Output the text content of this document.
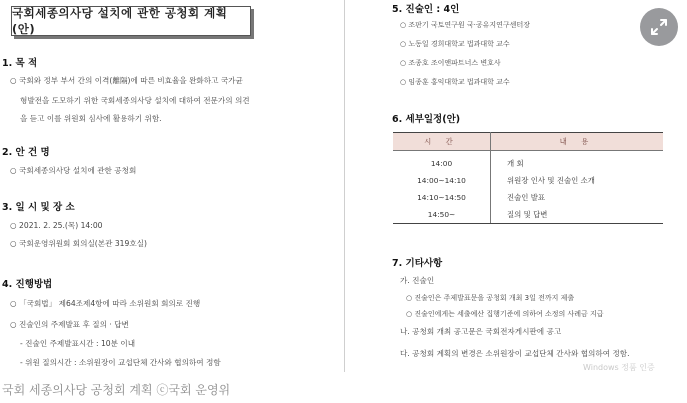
국회세종의사당 설치에 관한 공청회 계획(안)
1. 목 적
○ 국회와 정부 부서 간의 이격(離隔)에 따른 비효율을 완화하고 국가균
형발전을 도모하기 위한 국회세종의사당 설치에 대하여 전문가의 의견
을 듣고 이를 위원회 심사에 활용하기 위함.
2. 안 건 명
○ 국회세종의사당 설치에 관한 공청회
3. 일 시 및 장 소
○ 2021. 2. 25.(목) 14:00
○ 국회운영위원회 회의실(본관 319호실)
4. 진행방법
○ 「국회법」 제64조제4항에 따라 소위원회 회의로 진행
○ 진술인의 주제발표 후 질의 · 답변
- 진술인 주제발표시간 : 10분 이내
- 위원 질의시간 : 소위원장이 교섭단체 간사와 협의하여 정함
5. 진술인 : 4인
○ 조판기 국토연구원 국·공유지연구센터장
○ 노동일 경희대학교 법과대학 교수
○ 조종호 조이앤파트너스 변호사
○ 임종훈 홍익대학교 법과대학 교수
6. 세부일정(안)
시 간	내 용
14:00	개 회
14:00~14:10	위원장 인사 및 진술인 소개
14:10~14:50	진술인 발표
14:50~	질의 및 답변
7. 기타사항
가. 진술인
○ 진술인은 주제발표문을 공청회 개최 3일 전까지 제출
○ 진술인에게는 세출예산 집행기준에 의하여 소정의 사례금 지급
나. 공청회 개최 공고문은 국회전자게시판에 공고
다. 공청회 계획의 변경은 소위원장이 교섭단체 간사와 협의하여 정함.
Windows 정품 인증
국회 세종의사당 공청회 계획 ⓒ국회 운영위
